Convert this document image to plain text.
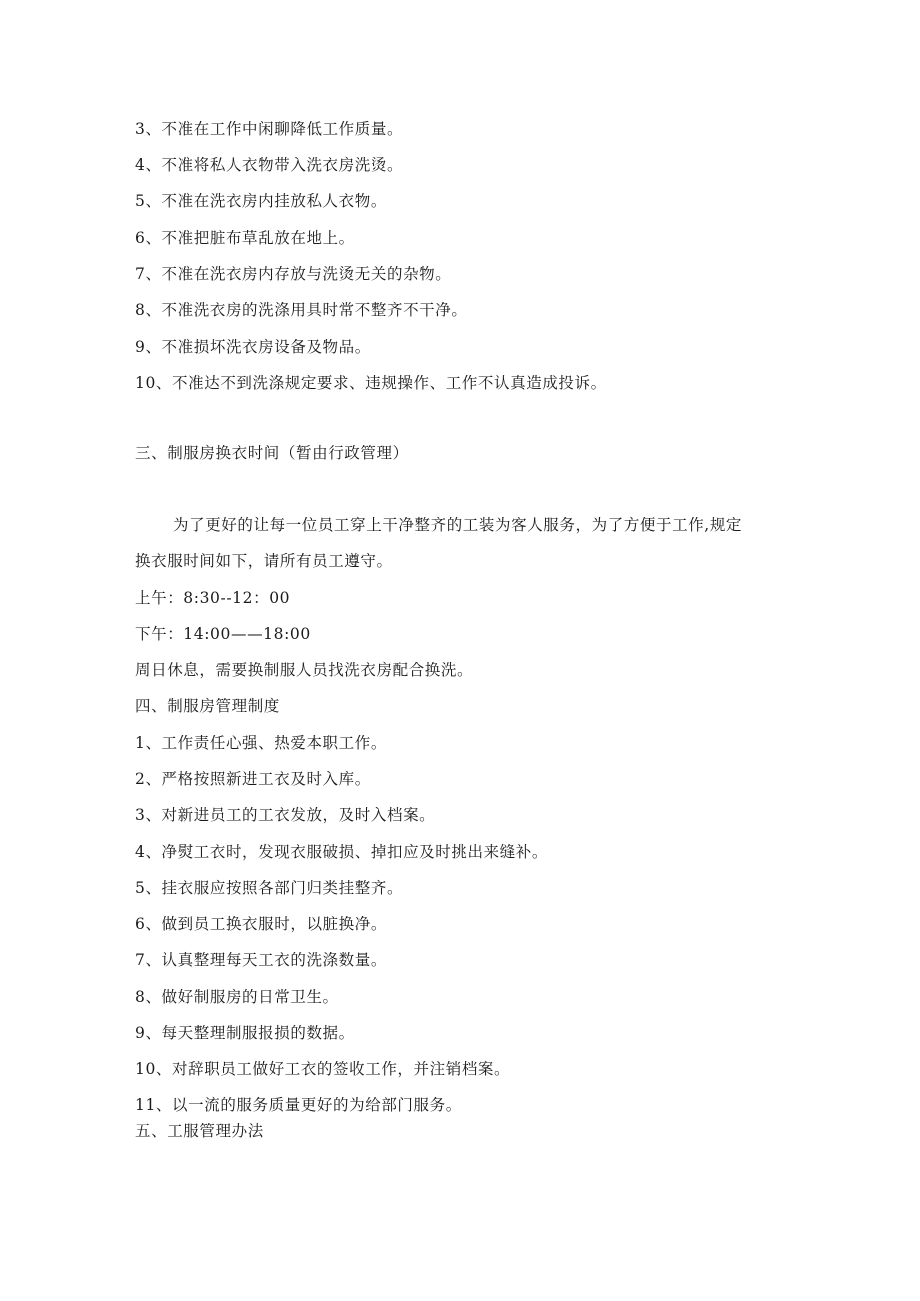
3、不准在工作中闲聊降低工作质量。
4、不准将私人衣物带入洗衣房洗烫。
5、不准在洗衣房内挂放私人衣物。
6、不准把脏布草乱放在地上。
7、不准在洗衣房内存放与洗烫无关的杂物。
8、不准洗衣房的洗涤用具时常不整齐不干净。
9、不准损坏洗衣房设备及物品。
10、不准达不到洗涤规定要求、违规操作、工作不认真造成投诉。
三、制服房换衣时间（暂由行政管理）
为了更好的让每一位员工穿上干净整齐的工装为客人服务，为了方便于工作,规定
换衣服时间如下，请所有员工遵守。
上午：8:30--12：00
下午：14:00——18:00
周日休息，需要换制服人员找洗衣房配合换洗。
四、制服房管理制度
1、工作责任心强、热爱本职工作。
2、严格按照新进工衣及时入库。
3、对新进员工的工衣发放，及时入档案。
4、净熨工衣时，发现衣服破损、掉扣应及时挑出来缝补。
5、挂衣服应按照各部门归类挂整齐。
6、做到员工换衣服时，以脏换净。
7、认真整理每天工衣的洗涤数量。
8、做好制服房的日常卫生。
9、每天整理制服报损的数据。
10、对辞职员工做好工衣的签收工作，并注销档案。
11、以一流的服务质量更好的为给部门服务。
五、工服管理办法
